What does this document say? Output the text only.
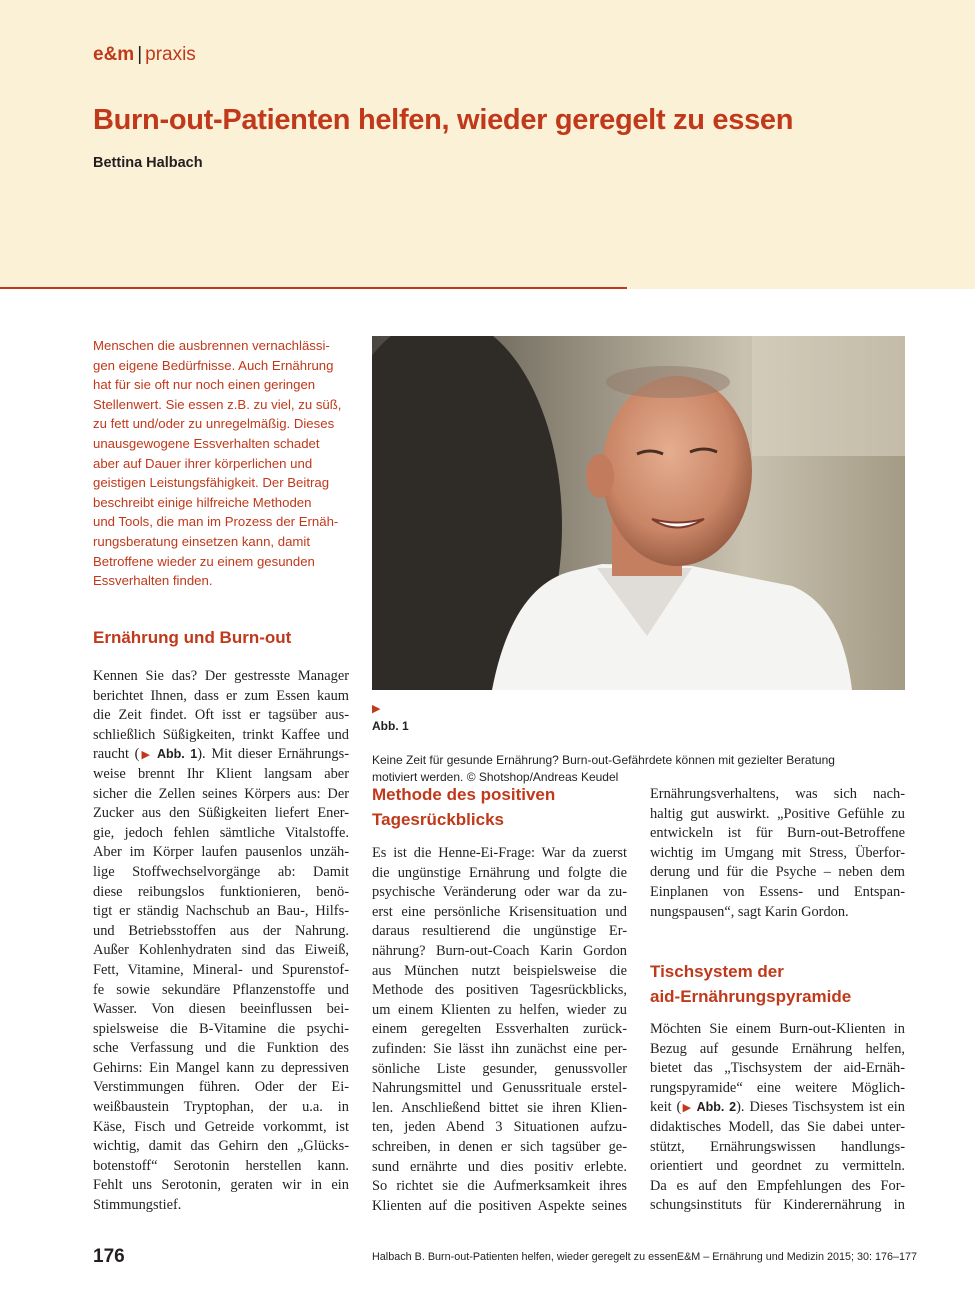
e&m | praxis
Burn-out-Patienten helfen, wieder geregelt zu essen
Bettina Halbach
Menschen die ausbrennen vernachlässi-
gen eigene Bedürfnisse. Auch Ernährung
hat für sie oft nur noch einen geringen
Stellenwert. Sie essen z.B. zu viel, zu süß,
zu fett und/oder zu unregelmäßig. Dieses
unausgewogene Essverhalten schadet
aber auf Dauer ihrer körperlichen und
geistigen Leistungsfähigkeit. Der Beitrag
beschreibt einige hilfreiche Methoden
und Tools, die man im Prozess der Ernäh-
rungsberatung einsetzen kann, damit
Betroffene wieder zu einem gesunden
Essverhalten finden.
Ernährung und Burn-out
Kennen Sie das? Der gestresste Manager
berichtet Ihnen, dass er zum Essen kaum
die Zeit findet. Oft isst er tagsüber aus-
schließlich Süßigkeiten, trinkt Kaffee und
raucht (▶ Abb. 1). Mit dieser Ernährungs-
weise brennt Ihr Klient langsam aber
sicher die Zellen seines Körpers aus: Der
Zucker aus den Süßigkeiten liefert Ener-
gie, jedoch fehlen sämtliche Vitalstoffe.
Aber im Körper laufen pausenlos unzäh-
lige Stoffwechselvorgänge ab: Damit
diese reibungslos funktionieren, benö-
tigt er ständig Nachschub an Bau-, Hilfs-
und Betriebsstoffen aus der Nahrung.
Außer Kohlenhydraten sind das Eiweiß,
Fett, Vitamine, Mineral- und Spurenstof-
fe sowie sekundäre Pflanzenstoffe und
Wasser. Von diesen beeinflussen bei-
spielsweise die B-Vitamine die psychi-
sche Verfassung und die Funktion des
Gehirns: Ein Mangel kann zu depressiven
Verstimmungen führen. Oder der Ei-
weißbaustein Tryptophan, der u.a. in
Käse, Fisch und Getreide vorkommt, ist
wichtig, damit das Gehirn den „Glücks-
botenstoff“ Serotonin herstellen kann.
Fehlt uns Serotonin, geraten wir in ein
Stimmungstief.
▶
Abb. 1

Keine Zeit für gesunde Ernährung? Burn-out-Gefährdete können mit gezielter Beratung
motiviert werden. © Shotshop/Andreas Keudel
Methode des positiven
Tagesrückblicks
Es ist die Henne-Ei-Frage: War da zuerst
die ungünstige Ernährung und folgte die
psychische Veränderung oder war da zu-
erst eine persönliche Krisensituation und
daraus resultierend die ungünstige Er-
nährung? Burn-out-Coach Karin Gordon
aus München nutzt beispielsweise die
Methode des positiven Tagesrückblicks,
um einem Klienten zu helfen, wieder zu
einem geregelten Essverhalten zurück-
zufinden: Sie lässt ihn zunächst eine per-
sönliche Liste gesunder, genussvoller
Nahrungsmittel und Genussrituale erstel-
len. Anschließend bittet sie ihren Klien-
ten, jeden Abend 3 Situationen aufzu-
schreiben, in denen er sich tagsüber ge-
sund ernährte und dies positiv erlebte.
So richtet sie die Aufmerksamkeit ihres
Klienten auf die positiven Aspekte seines
Ernährungsverhaltens, was sich nach-
haltig gut auswirkt. „Positive Gefühle zu
entwickeln ist für Burn-out-Betroffene
wichtig im Umgang mit Stress, Überfor-
derung und für die Psyche – neben dem
Einplanen von Essens- und Entspan-
nungspausen“, sagt Karin Gordon.
Tischsystem der
aid-Ernährungspyramide
Möchten Sie einem Burn-out-Klienten in
Bezug auf gesunde Ernährung helfen,
bietet das „Tischsystem der aid-Ernäh-
rungspyramide“ eine weitere Möglich-
keit (▶ Abb. 2). Dieses Tischsystem ist ein
didaktisches Modell, das Sie dabei unter-
stützt, Ernährungswissen handlungs-
orientiert und geordnet zu vermitteln.
Da es auf den Empfehlungen des For-
schungsinstituts für Kinderernährung in
176	Halbach B. Burn-out-Patienten helfen, wieder geregelt zu essen E&M – Ernährung und Medizin 2015; 30: 176–177
